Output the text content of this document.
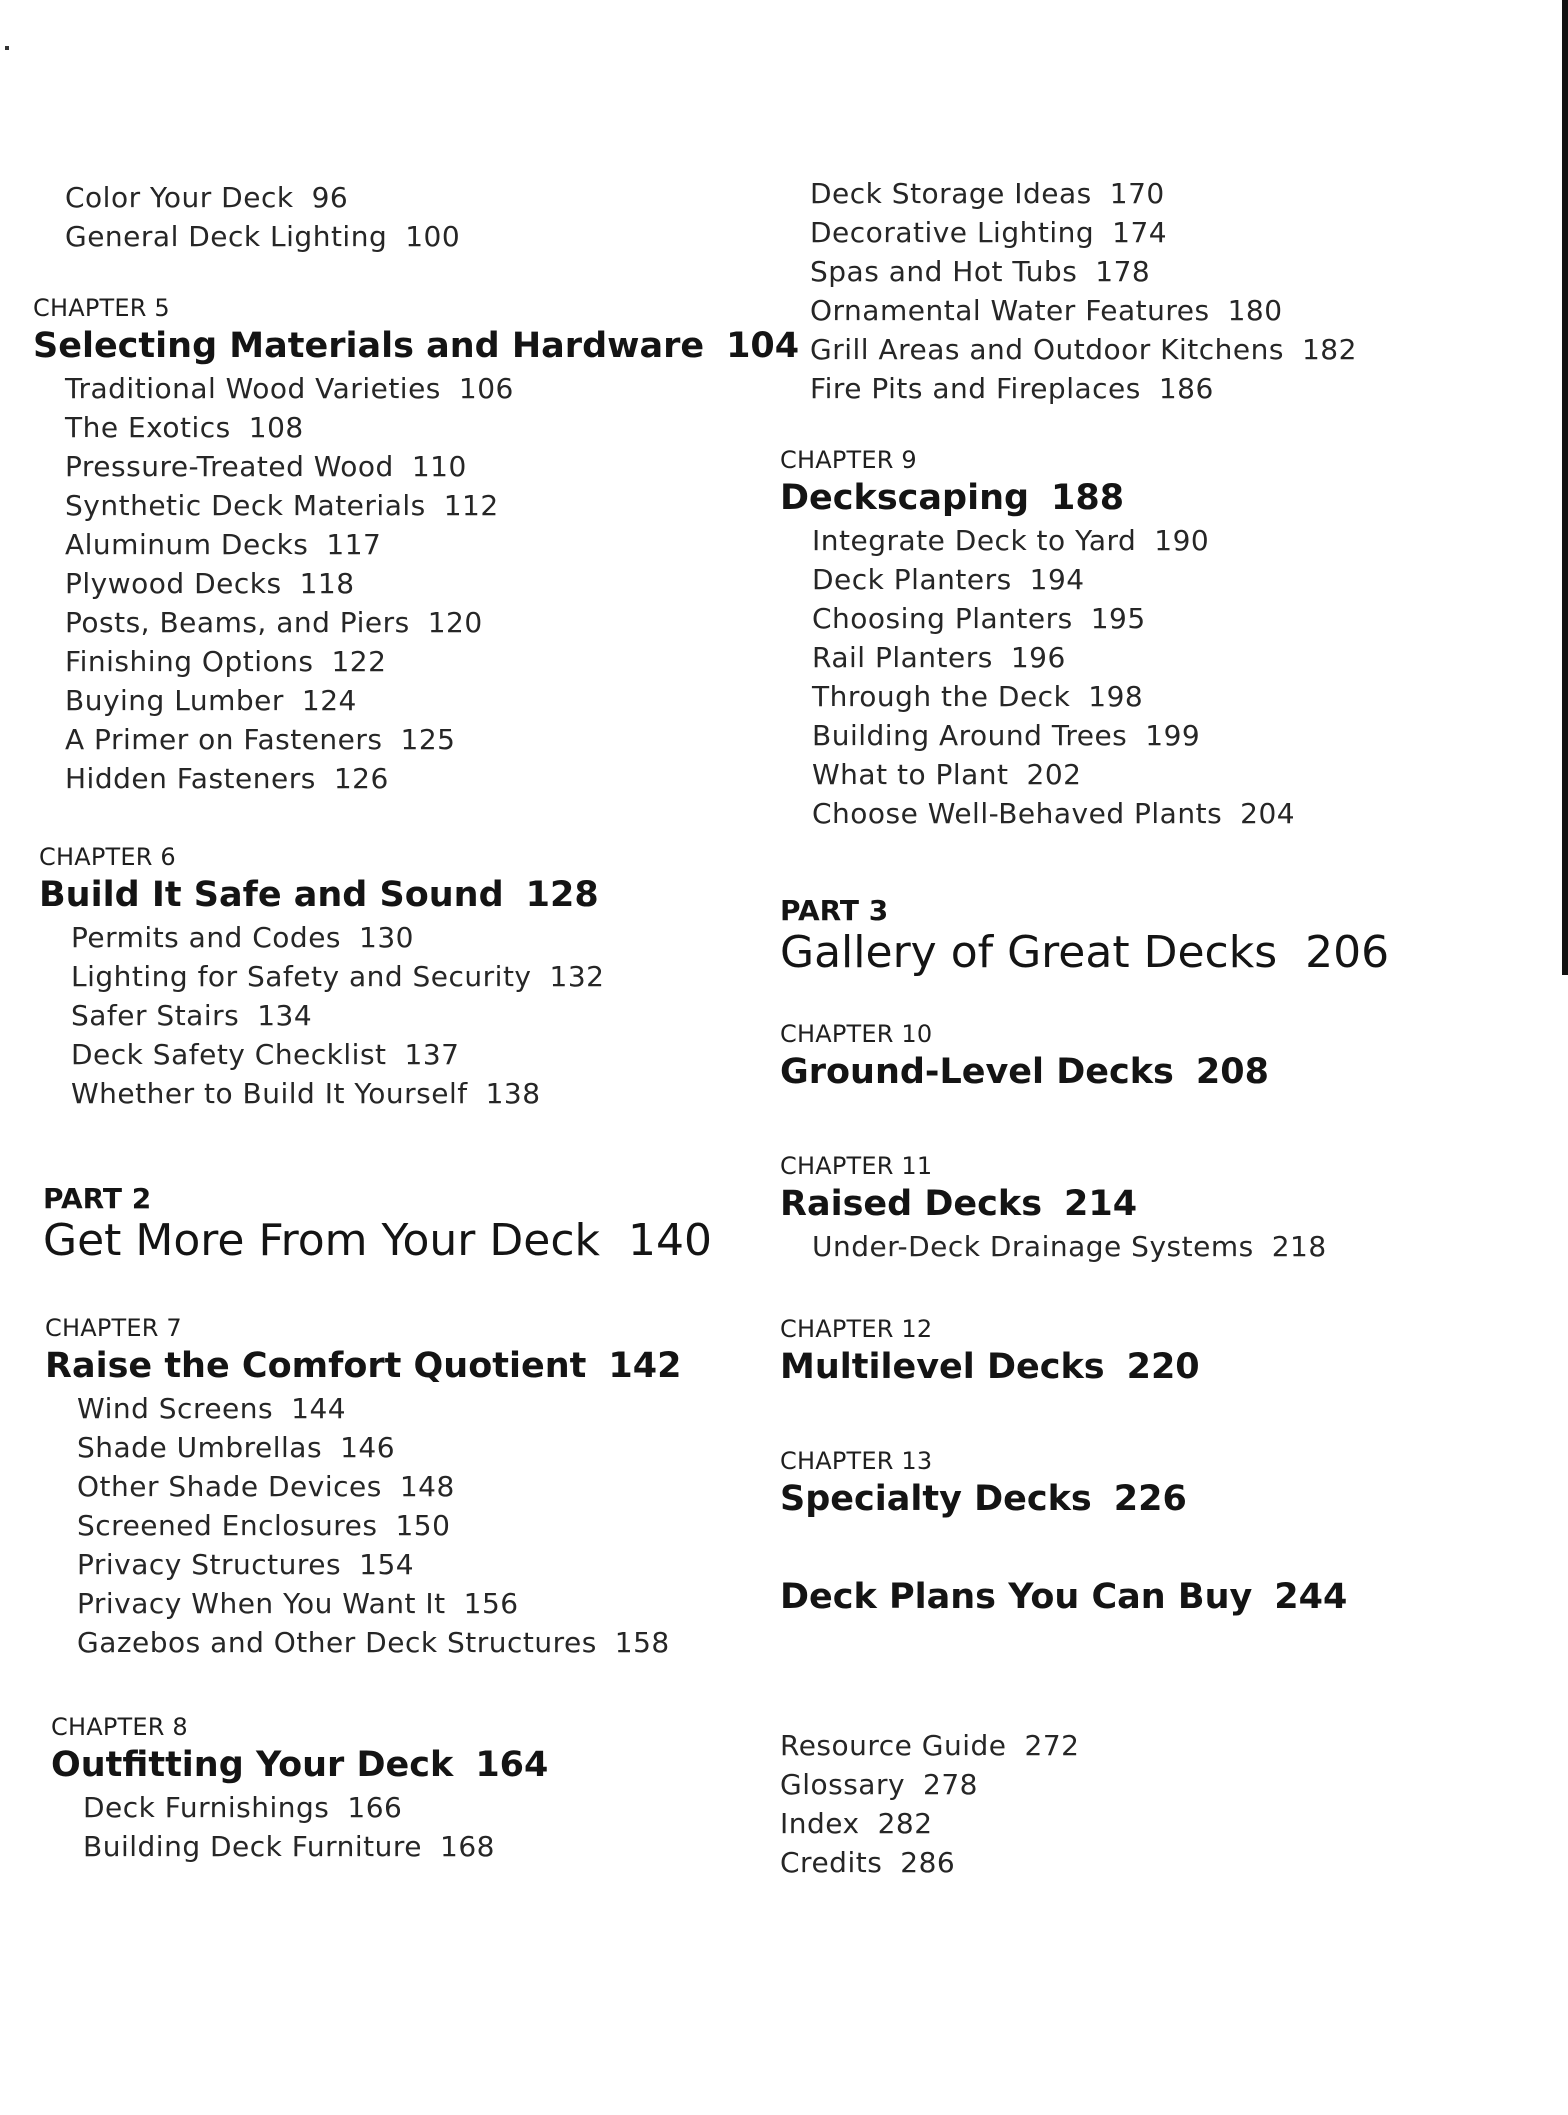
Color Your Deck 96
General Deck Lighting 100
CHAPTER 5
Selecting Materials and Hardware 104
Traditional Wood Varieties 106
The Exotics 108
Pressure-Treated Wood 110
Synthetic Deck Materials 112
Aluminum Decks 117
Plywood Decks 118
Posts, Beams, and Piers 120
Finishing Options 122
Buying Lumber 124
A Primer on Fasteners 125
Hidden Fasteners 126
CHAPTER 6
Build It Safe and Sound 128
Permits and Codes 130
Lighting for Safety and Security 132
Safer Stairs 134
Deck Safety Checklist 137
Whether to Build It Yourself 138
PART 2
Get More From Your Deck 140
CHAPTER 7
Raise the Comfort Quotient 142
Wind Screens 144
Shade Umbrellas 146
Other Shade Devices 148
Screened Enclosures 150
Privacy Structures 154
Privacy When You Want It 156
Gazebos and Other Deck Structures 158
CHAPTER 8
Outfitting Your Deck 164
Deck Furnishings 166
Building Deck Furniture 168
Deck Storage Ideas 170
Decorative Lighting 174
Spas and Hot Tubs 178
Ornamental Water Features 180
Grill Areas and Outdoor Kitchens 182
Fire Pits and Fireplaces 186
CHAPTER 9
Deckscaping 188
Integrate Deck to Yard 190
Deck Planters 194
Choosing Planters 195
Rail Planters 196
Through the Deck 198
Building Around Trees 199
What to Plant 202
Choose Well-Behaved Plants 204
PART 3
Gallery of Great Decks 206
CHAPTER 10
Ground-Level Decks 208
CHAPTER 11
Raised Decks 214
Under-Deck Drainage Systems 218
CHAPTER 12
Multilevel Decks 220
CHAPTER 13
Specialty Decks 226
Deck Plans You Can Buy 244
Resource Guide 272
Glossary 278
Index 282
Credits 286
